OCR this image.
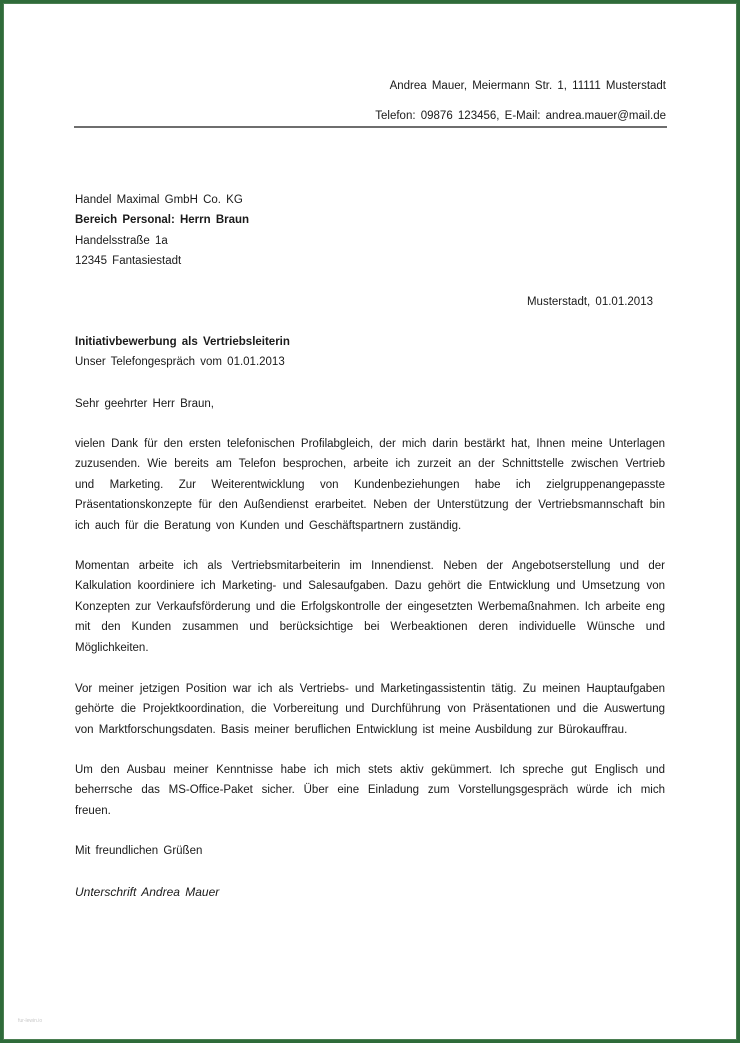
Andrea Mauer, Meiermann Str. 1, 11111 Musterstadt
Telefon: 09876 123456, E-Mail: andrea.mauer@mail.de
Handel Maximal GmbH Co. KG
Bereich Personal: Herrn Braun
Handelsstraße 1a
12345 Fantasiestadt
Musterstadt, 01.01.2013
Initiativbewerbung als Vertriebsleiterin
Unser Telefongespräch vom 01.01.2013
Sehr geehrter Herr Braun,
vielen Dank für den ersten telefonischen Profilabgleich, der mich darin bestärkt hat, Ihnen meine Unterlagen
zuzusenden. Wie bereits am Telefon besprochen, arbeite ich zurzeit an der Schnittstelle zwischen Vertrieb
und Marketing. Zur Weiterentwicklung von Kundenbeziehungen habe ich zielgruppenangepasste
Präsentationskonzepte für den Außendienst erarbeitet. Neben der Unterstützung der Vertriebsmannschaft bin
ich auch für die Beratung von Kunden und Geschäftspartnern zuständig.
Momentan arbeite ich als Vertriebsmitarbeiterin im Innendienst. Neben der Angebotserstellung und der
Kalkulation koordiniere ich Marketing- und Salesaufgaben. Dazu gehört die Entwicklung und Umsetzung von
Konzepten zur Verkaufsförderung und die Erfolgskontrolle der eingesetzten Werbemaßnahmen. Ich arbeite eng
mit den Kunden zusammen und berücksichtige bei Werbeaktionen deren individuelle Wünsche und
Möglichkeiten.
Vor meiner jetzigen Position war ich als Vertriebs- und Marketingassistentin tätig. Zu meinen Hauptaufgaben
gehörte die Projektkoordination, die Vorbereitung und Durchführung von Präsentationen und die Auswertung
von Marktforschungsdaten. Basis meiner beruflichen Entwicklung ist meine Ausbildung zur Bürokauffrau.
Um den Ausbau meiner Kenntnisse habe ich mich stets aktiv gekümmert. Ich spreche gut Englisch und
beherrsche das MS-Office-Paket sicher. Über eine Einladung zum Vorstellungsgespräch würde ich mich
freuen.
Mit freundlichen Grüßen
Unterschrift Andrea Mauer
fur-lewin.io
